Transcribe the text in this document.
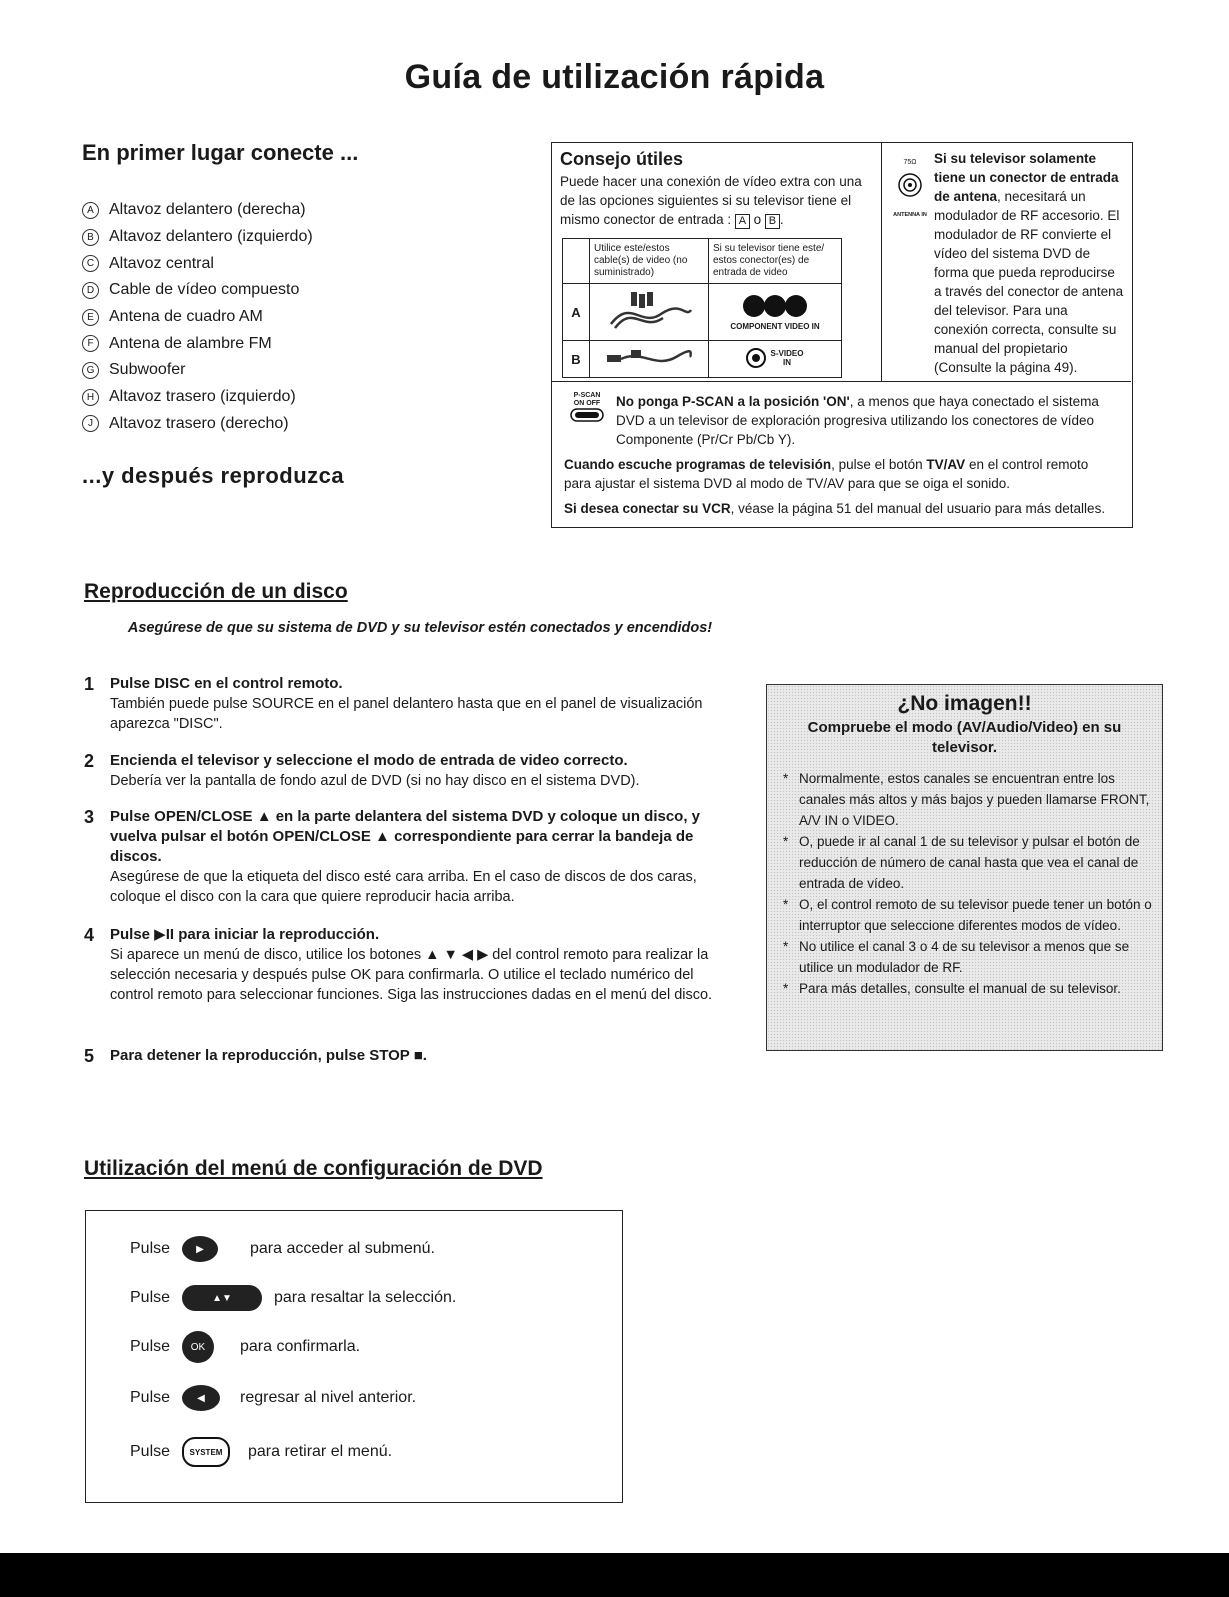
Guía de utilización rápida
En primer lugar conecte ...
A Altavoz delantero (derecha)
B Altavoz delantero (izquierdo)
C Altavoz central
D Cable de vídeo compuesto
E Antena de cuadro AM
F Antena de alambre FM
G Subwoofer
H Altavoz trasero (izquierdo)
J	Altavoz trasero (derecho)
...y después reproduzca

Consejo útiles

Puede hacer una conexión de vídeo extra con una de las opciones siguientes si su televisor tiene el mismo conector de entrada : A o B .

	Utilice este/estos cable(s) de video (no suministrado)	Si su televisor tiene este/ estos conector(es) de entrada de video
A		COMPONENT VIDEO IN

B		S-VIDEO IN
75Ω
ANTENNA IN
Si su televisor solamente tiene un conector de entrada de antena, necesitará un modulador de RF accesorio. El modulador de RF convierte el vídeo del sistema DVD de forma que pueda reproducirse a través del conector de antena del televisor. Para una conexión correcta, consulte su manual del propietario (Consulte la página 49).
P-SCAN
ON OFF	No ponga P-SCAN a la posición 'ON', a menos que haya conectado el sistema DVD a un televisor de exploración progresiva utilizando los conectores de vídeo Componente (Pr/Cr Pb/Cb Y).
Cuando escuche programas de televisión, pulse el botón TV/AV en el control remoto para ajustar el sistema DVD al modo de TV/AV para que se oiga el sonido.
Si desea conectar su VCR, véase la página 51 del manual del usuario para más detalles.
Reproducción de un disco
Asegúrese de que su sistema de DVD y su televisor estén conectados y encendidos!
1 Pulse DISC en el control remoto.
También puede pulse SOURCE en el panel delantero hasta que en el panel de visualización aparezca "DISC".
2 Encienda el televisor y seleccione el modo de entrada de video correcto.
Debería ver la pantalla de fondo azul de DVD (si no hay disco en el sistema DVD).
3 Pulse OPEN/CLOSE ▲ en la parte delantera del sistema DVD y coloque un disco, y vuelva pulsar el botón OPEN/CLOSE ▲ correspondiente para cerrar la bandeja de discos.
Asegúrese de que la etiqueta del disco esté cara arriba. En el caso de discos de dos caras, coloque el disco con la cara que quiere reproducir hacia arriba.
4 Pulse ▶II para iniciar la reproducción.
Si aparece un menú de disco, utilice los botones ▲ ▼ ◀ ▶ del control remoto para realizar la selección necesaria y después pulse OK para confirmarla. O utilice el teclado numérico del control remoto para seleccionar funciones. Siga las instrucciones dadas en el menú del disco.
5 Para detener la reproducción, pulse STOP ■.

¿No imagen!!

Compruebe el modo (AV/Audio/Video) en su televisor.

* Normalmente, estos canales se encuentran entre los canales más altos y más bajos y pueden llamarse FRONT, A/V IN o VIDEO.
* O, puede ir al canal 1 de su televisor y pulsar el botón de reducción de número de canal hasta que vea el canal de entrada de vídeo.
* O, el control remoto de su televisor puede tener un botón o interruptor que seleccione diferentes modos de vídeo.
* No utilice el canal 3 o 4 de su televisor a menos que se utilice un modulador de RF.
* Para más detalles, consulte el manual de su televisor.
Utilización del menú de configuración de DVD
Pulse	▶	para acceder al submenú.
Pulse	▲▼	para resaltar la selección.
Pulse	OK	para confirmarla.
Pulse	◀	regresar al nivel anterior.
Pulse	SYSTEM	para retirar el menú.
